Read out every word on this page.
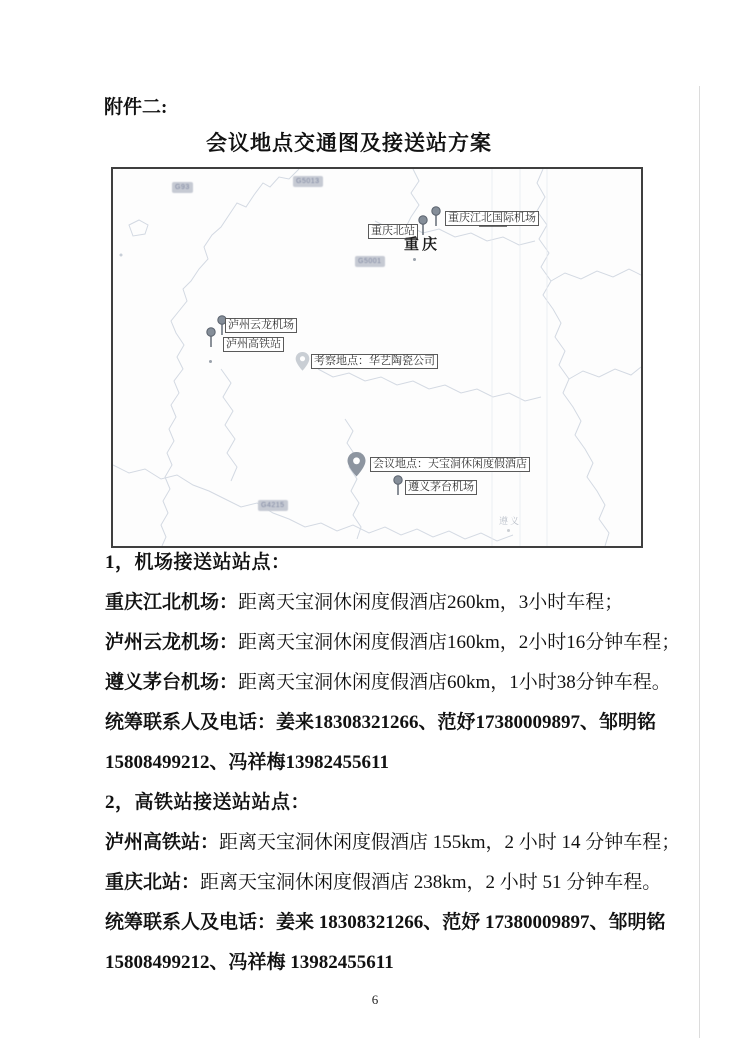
附件二:
会议地点交通图及接送站方案
G93
G5013
G5001
G4215
重庆北站
重庆江北国际机场
重庆
泸州云龙机场
泸州高铁站
考察地点：华艺陶瓷公司
会议地点：天宝洞休闲度假酒店
遵义茅台机场
遵义

1，机场接送站站点：

重庆江北机场：距离天宝洞休闲度假酒店260km，3小时车程；

泸州云龙机场：距离天宝洞休闲度假酒店160km，2小时16分钟车程；

遵义茅台机场：距离天宝洞休闲度假酒店60km，1小时38分钟车程。

统筹联系人及电话：姜来18308321266、范妤17380009897、邹明铭

15808499212、冯祥梅13982455611

2，高铁站接送站站点：

泸州高铁站：距离天宝洞休闲度假酒店 155km，2 小时 14 分钟车程；

重庆北站：距离天宝洞休闲度假酒店 238km，2 小时 51 分钟车程。

统筹联系人及电话：姜来 18308321266、范妤 17380009897、邹明铭

15808499212、冯祥梅 13982455611

6
